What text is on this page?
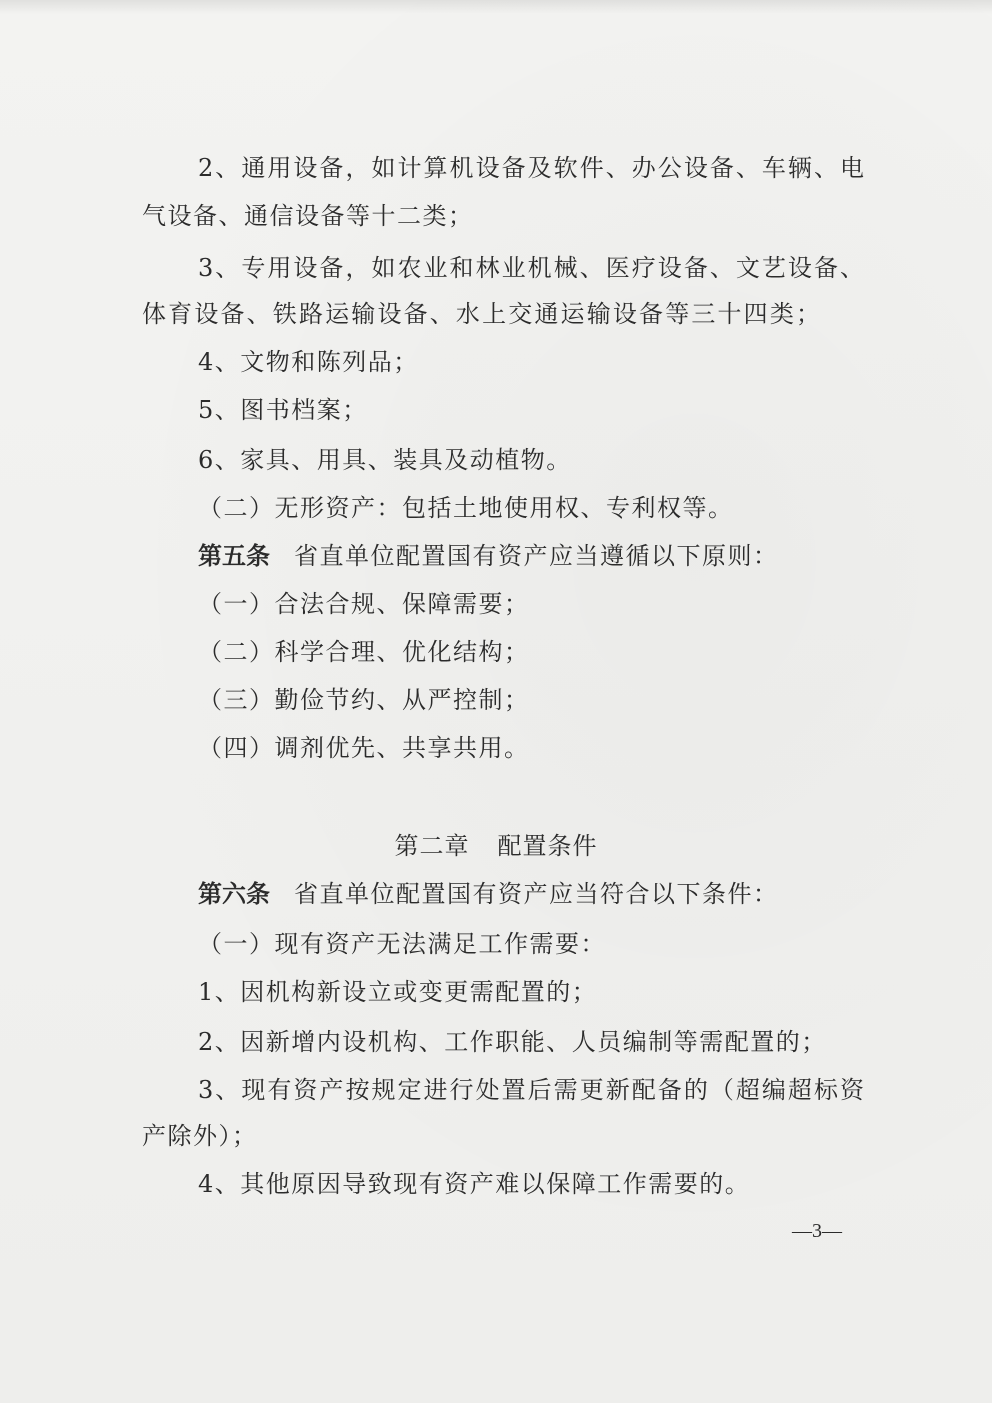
2、通用设备，如计算机设备及软件、办公设备、车辆、电
气设备、通信设备等十二类；
3、专用设备，如农业和林业机械、医疗设备、文艺设备、
体育设备、铁路运输设备、水上交通运输设备等三十四类；
4、文物和陈列品；
5、图书档案；
6、家具、用具、装具及动植物。
（二）无形资产：包括土地使用权、专利权等。
第五条 省直单位配置国有资产应当遵循以下原则：
（一）合法合规、保障需要；
（二）科学合理、优化结构；
（三）勤俭节约、从严控制；
（四）调剂优先、共享共用。
第二章 配置条件
第六条 省直单位配置国有资产应当符合以下条件：
（一）现有资产无法满足工作需要：
1、因机构新设立或变更需配置的；
2、因新增内设机构、工作职能、人员编制等需配置的；
3、现有资产按规定进行处置后需更新配备的（超编超标资
产除外）；
4、其他原因导致现有资产难以保障工作需要的。
—3—
